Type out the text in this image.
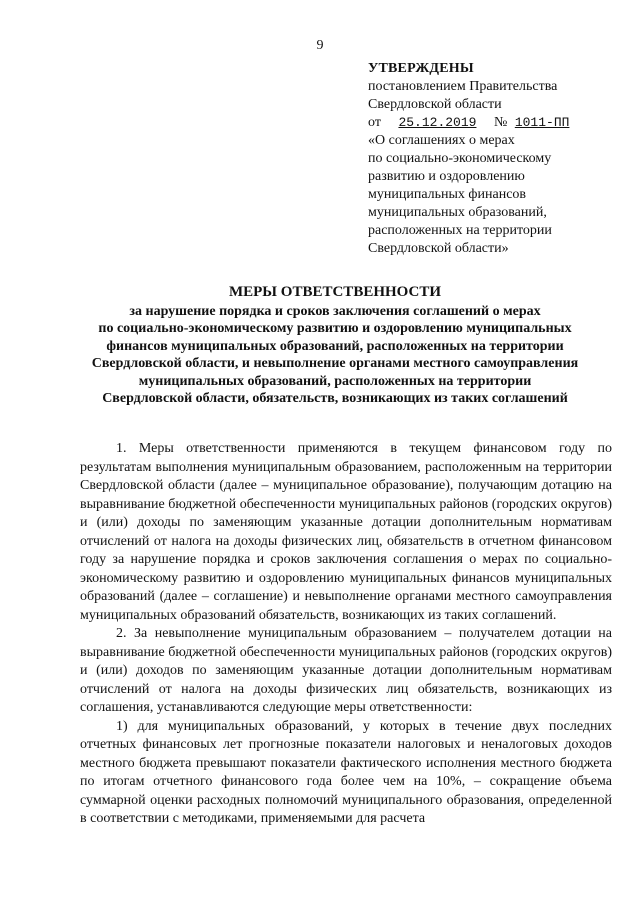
9
УТВЕРЖДЕНЫ
постановлением Правительства
Свердловской области
от 25.12.2019 № 1011-ПП
«О соглашениях о мерах
по социально-экономическому
развитию и оздоровлению
муниципальных финансов
муниципальных образований,
расположенных на территории
Свердловской области»
МЕРЫ ОТВЕТСТВЕННОСТИ
за нарушение порядка и сроков заключения соглашений о мерах
по социально-экономическому развитию и оздоровлению муниципальных
финансов муниципальных образований, расположенных на территории
Свердловской области, и невыполнение органами местного самоуправления
муниципальных образований, расположенных на территории
Свердловской области, обязательств, возникающих из таких соглашений

1. Меры ответственности применяются в текущем финансовом году по результатам выполнения муниципальным образованием, расположенным на территории Свердловской области (далее – муниципальное образование), получающим дотацию на выравнивание бюджетной обеспеченности муниципальных районов (городских округов) и (или) доходы по заменяющим указанные дотации дополнительным нормативам отчислений от налога на доходы физических лиц, обязательств в отчетном финансовом году за нарушение порядка и сроков заключения соглашения о мерах по социально-экономическому развитию и оздоровлению муниципальных финансов муниципальных образований (далее – соглашение) и невыполнение органами местного самоуправления муниципальных образований обязательств, возникающих из таких соглашений.

2. За невыполнение муниципальным образованием – получателем дотации на выравнивание бюджетной обеспеченности муниципальных районов (городских округов) и (или) доходов по заменяющим указанные дотации дополнительным нормативам отчислений от налога на доходы физических лиц обязательств, возникающих из соглашения, устанавливаются следующие меры ответственности:

1) для муниципальных образований, у которых в течение двух последних отчетных финансовых лет прогнозные показатели налоговых и неналоговых доходов местного бюджета превышают показатели фактического исполнения местного бюджета по итогам отчетного финансового года более чем на 10%, – сокращение объема суммарной оценки расходных полномочий муниципального образования, определенной в соответствии с методиками, применяемыми для расчета
